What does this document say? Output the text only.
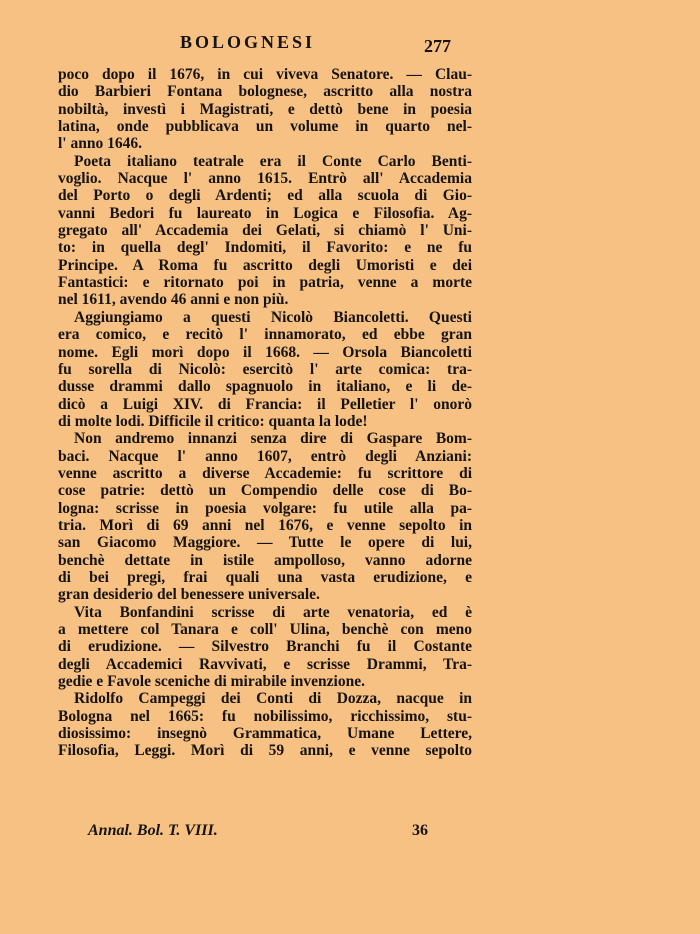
BOLOGNESI	277
poco dopo il 1676, in cui viveva Senatore. — Clau-
dio Barbieri Fontana bolognese, ascritto alla nostra
nobiltà, investì i Magistrati, e dettò bene in poesia
latina, onde pubblicava un volume in quarto nel-
l' anno 1646.
Poeta italiano teatrale era il Conte Carlo Benti-
voglio. Nacque l' anno 1615. Entrò all' Accademia
del Porto o degli Ardenti; ed alla scuola di Gio-
vanni Bedori fu laureato in Logica e Filosofia. Ag-
gregato all' Accademia dei Gelati, si chiamò l' Uni-
to: in quella degl' Indomiti, il Favorito: e ne fu
Principe. A Roma fu ascritto degli Umoristi e dei
Fantastici: e ritornato poi in patria, venne a morte
nel 1611, avendo 46 anni e non più.
Aggiungiamo a questi Nicolò Biancoletti. Questi
era comico, e recitò l' innamorato, ed ebbe gran
nome. Egli morì dopo il 1668. — Orsola Biancoletti
fu sorella di Nicolò: esercitò l' arte comica: tra-
dusse drammi dallo spagnuolo in italiano, e li de-
dicò a Luigi XIV. di Francia: il Pelletier l' onorò
di molte lodi. Difficile il critico: quanta la lode!
Non andremo innanzi senza dire di Gaspare Bom-
baci. Nacque l' anno 1607, entrò degli Anziani:
venne ascritto a diverse Accademie: fu scrittore di
cose patrie: dettò un Compendio delle cose di Bo-
logna: scrisse in poesia volgare: fu utile alla pa-
tria. Morì di 69 anni nel 1676, e venne sepolto in
san Giacomo Maggiore. — Tutte le opere di lui,
benchè dettate in istile ampolloso, vanno adorne
di bei pregi, frai quali una vasta erudizione, e
gran desiderio del benessere universale.
Vita Bonfandini scrisse di arte venatoria, ed è
a mettere col Tanara e coll' Ulina, benchè con meno
di erudizione. — Silvestro Branchi fu il Costante
degli Accademici Ravvivati, e scrisse Drammi, Tra-
gedie e Favole sceniche di mirabile invenzione.
Ridolfo Campeggi dei Conti di Dozza, nacque in
Bologna nel 1665: fu nobilissimo, ricchissimo, stu-
diosissimo: insegnò Grammatica, Umane Lettere,
Filosofia, Leggi. Morì di 59 anni, e venne sepolto
Annal. Bol. T. VIII.	36
